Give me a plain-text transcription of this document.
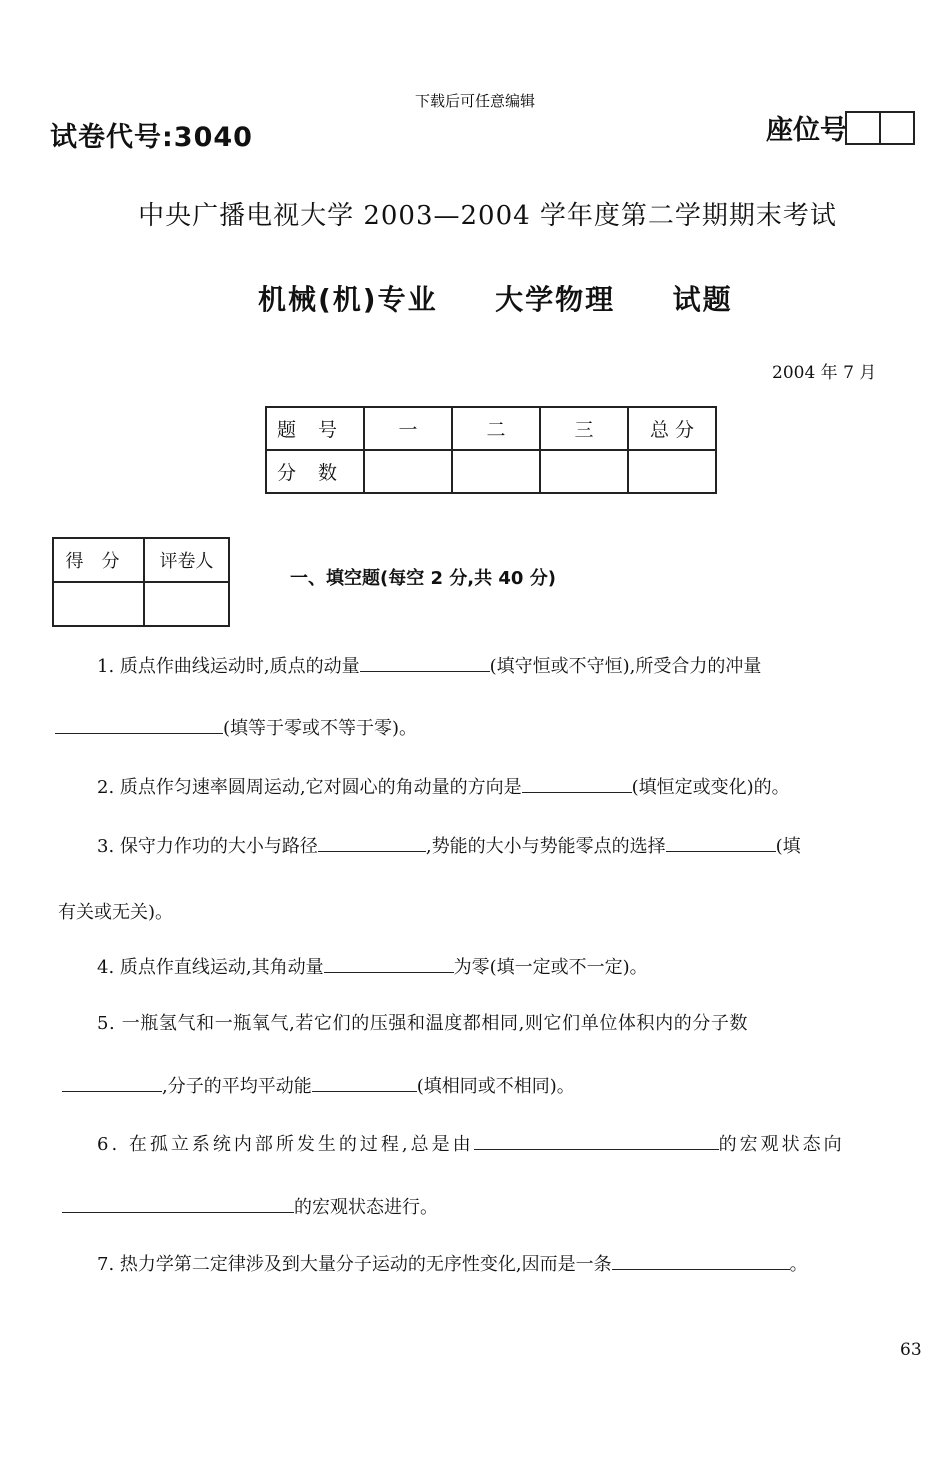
下载后可任意编辑
试卷代号:3040	座位号
中央广播电视大学 2003—2004 学年度第二学期期末考试
机械(机)专业 大学物理 试题
2004 年 7 月
题号	一	二	三	总 分
分数				
得分	评卷人

一、填空题(每空 2 分,共 40 分)
1. 质点作曲线运动时,质点的动量	(填守恒或不守恒),所受合力的冲量
(填等于零或不等于零)。
2. 质点作匀速率圆周运动,它对圆心的角动量的方向是	(填恒定或变化)的。
3. 保守力作功的大小与路径	,势能的大小与势能零点的选择	(填
有关或无关)。
4. 质点作直线运动,其角动量	为零(填一定或不一定)。
5. 一瓶氢气和一瓶氧气,若它们的压强和温度都相同,则它们单位体积内的分子数
,分子的平均平动能	(填相同或不相同)。
6. 在孤立系统内部所发生的过程,总是由	的宏观状态向
的宏观状态进行。
7. 热力学第二定律涉及到大量分子运动的无序性变化,因而是一条	。
63
